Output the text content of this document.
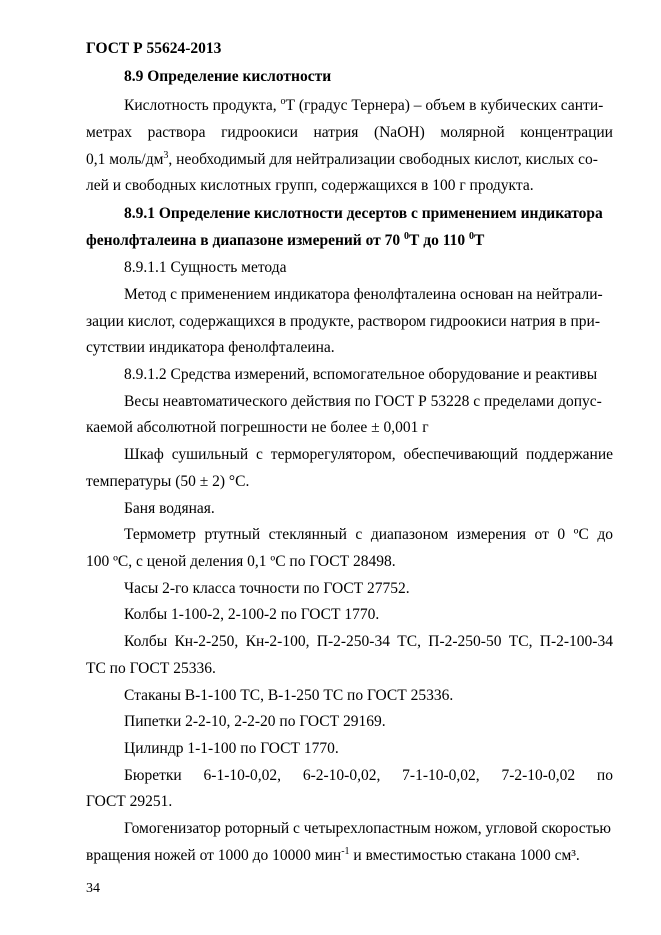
ГОСТ Р 55624-2013
8.9 Определение кислотности
Кислотность продукта, $^o$Т (градус Тернера) – объем в кубических санти-
метрах раствора гидроокиси натрия (NaOH) молярной концентрации
0,1 моль/$дм^3$, необходимый для нейтрализации свободных кислот, кислых со-
лей и свободных кислотных групп, содержащихся в 100 г продукта.
8.9.1 Определение кислотности десертов с применением индикатора
фенолфталеина в диапазоне измерений от 70 $^0$Т до 110 $^0$Т
8.9.1.1 Сущность метода
Метод с применением индикатора фенолфталеина основан на нейтрали-
зации кислот, содержащихся в продукте, раствором гидроокиси натрия в при-
сутствии индикатора фенолфталеина.
8.9.1.2 Средства измерений, вспомогательное оборудование и реактивы
Весы неавтоматического действия по ГОСТ Р 53228 с пределами допус-
каемой абсолютной погрешности не более ± 0,001 г
Шкаф сушильный с терморегулятором, обеспечивающий поддержание
температуры (50 ± 2) °С.
Баня водяная.
Термометр ртутный стеклянный с диапазоном измерения от 0 ºС до
100 ºС, с ценой деления 0,1 ºС по ГОСТ 28498.
Часы 2-го класса точности по ГОСТ 27752.
Колбы 1-100-2, 2-100-2 по ГОСТ 1770.
Колбы Кн-2-250, Кн-2-100, П-2-250-34 ТС, П-2-250-50 ТС, П-2-100-34
ТС по ГОСТ 25336.
Стаканы В-1-100 ТС, В-1-250 ТС по ГОСТ 25336.
Пипетки 2-2-10, 2-2-20 по ГОСТ 29169.
Цилиндр 1-1-100 по ГОСТ 1770.
Бюретки 6-1-10-0,02, 6-2-10-0,02, 7-1-10-0,02, 7-2-10-0,02 по
ГОСТ 29251.
Гомогенизатор роторный с четырехлопастным ножом, угловой скоростью
вращения ножей от 1000 до 10000 мин$^{-1}$ и вместимостью стакана 1000 см³.
34
